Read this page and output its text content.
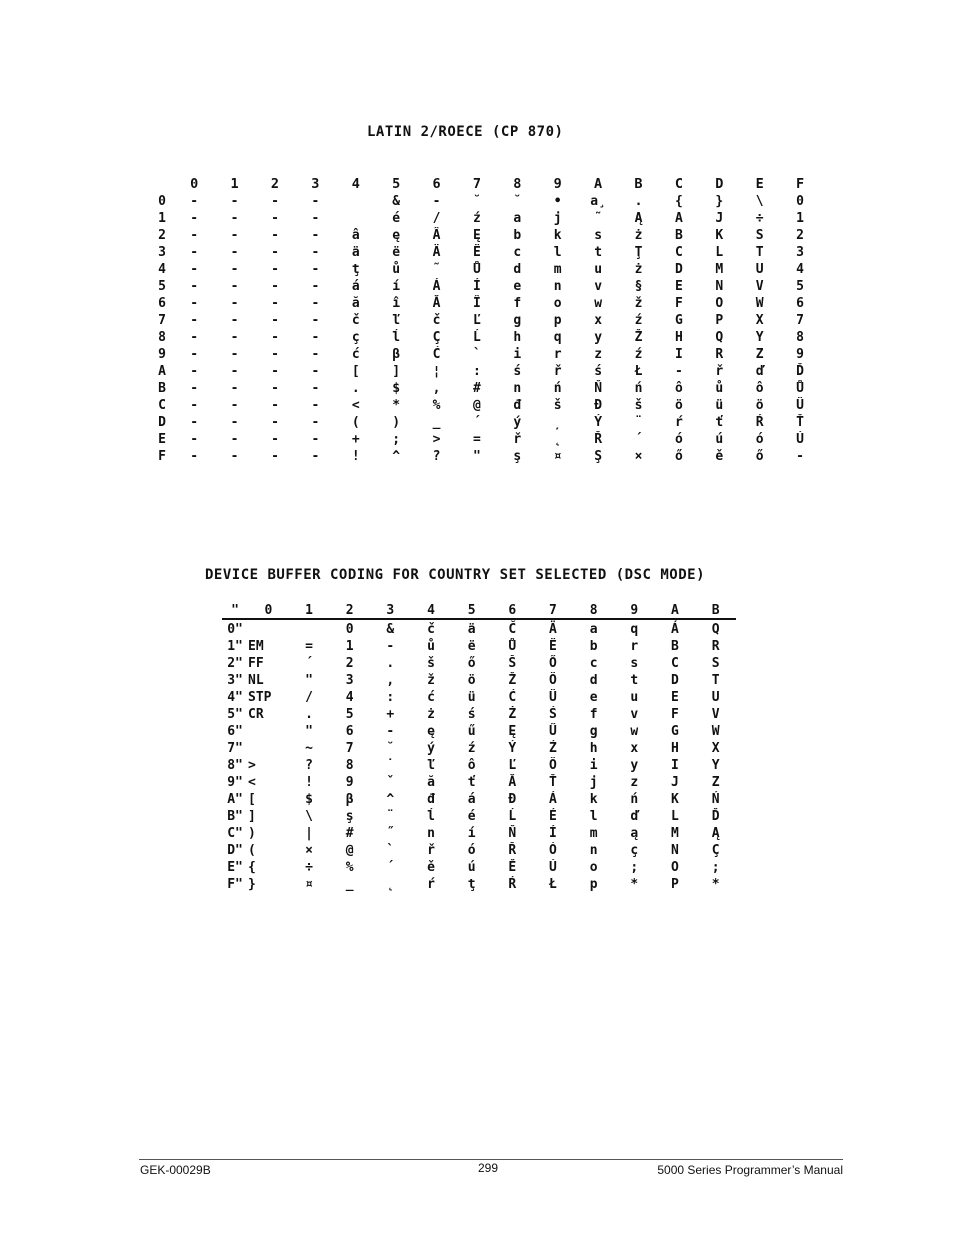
LATIN 2/ROECE (CP 870)
	0	1	2	3	4	5	6	7	8	9	A	B	C	D	E	F
0	-	-	-	-		&	-	˘	˘	•	a̧	.	{	}	\	0
1	-	-	-	-		é	/	ź	a	j	˜	Ą	A	J	÷	1
2	-	-	-	-	â	ę	Â	Ę	b	k	s	ż	B	K	S	2
3	-	-	-	-	ä	ë	Ä	Ë	c	l	t	Ţ	C	L	T	3
4	-	-	-	-	ţ	ů	˜	Ů	d	m	u	ż	D	M	U	4
5	-	-	-	-	á	í	Á	Í	e	n	v	§	E	N	V	5
6	-	-	-	-	ă	î	Ă	Î	f	o	w	ž	F	O	W	6
7	-	-	-	-	č	ľ	č	Ľ	g	p	x	ź	G	P	X	7
8	-	-	-	-	ç	ĺ	Ç	Ĺ	h	q	y	Ž	H	Q	Y	8
9	-	-	-	-	ć	β	Ć	`	i	r	z	ź	I	R	Z	9
A	-	-	-	-	[	]	¦	:	ś	ř	ś	Ł	-	ř	ď	Ď
B	-	-	-	-	.	$	,	#	n	ń	Ň	ń	ô	ů	ô	Ů
C	-	-	-	-	<	*	%	@	đ	š	Đ	š	ö	ü	ö	Ü
D	-	-	-	-	(	)	_	´	ý	̦	Ý	¨	ŕ	ť	Ŕ	Ť
E	-	-	-	-	+	;	>	=	ř	̨	Ř	´	ó	ú	ó	Ú
F	-	-	-	-	!	^	?	"	ş	¤	Ş	×	ő	ě	ő	-
DEVICE BUFFER CODING FOR COUNTRY SET SELECTED (DSC MODE)
"	0	1	2	3	4	5	6	7	8	9	A	B
0"			0	&	č	ä	Č	Ä	a	q	Á	Q
1"	EM	=	1	-	ů	ë	Ů	Ë	b	r	B	R
2"	FF	´	2	.	š	ő	Š	Ő	c	s	C	S
3"	NL	"	3	,	ž	ö	Ž	Ö	d	t	D	T
4"	STP	/	4	:	ć	ü	Ć	Ü	e	u	E	U
5"	CR	.	5	+	ż	ś	Ż	Ś	f	v	F	V
6"		"	6	-	ę	ű	Ę	Ű	g	w	G	W
7"		~	7	˘	ý	ź	Ý	Ź	h	x	H	X
8"	>	?	8	˙	ľ	ô	Ľ	Ô	i	y	I	Y
9"	<	!	9	ˇ	ă	ť	Ă	Ť	j	z	J	Z
A"	[	$	β	^	đ	á	Đ	Á	k	ń	K	Ń
B"	]	\	ş	¨	ĺ	é	Ĺ	É	l	ď	L	Ď
C"	)	|	#	˝	n	í	Ň	Í	m	ą	M	Ą
D"	(	×	@	`	ř	ó	Ř	Ó	n	ç	N	Ç
E"	{	÷	%	´	ě	ú	Ě	Ú	o	;	O	;
F"	}	¤	_	˛	ŕ	ţ	Ŕ	Ł	p	*	P	*
GEK-00029B	299	5000 Series Programmer’s Manual
